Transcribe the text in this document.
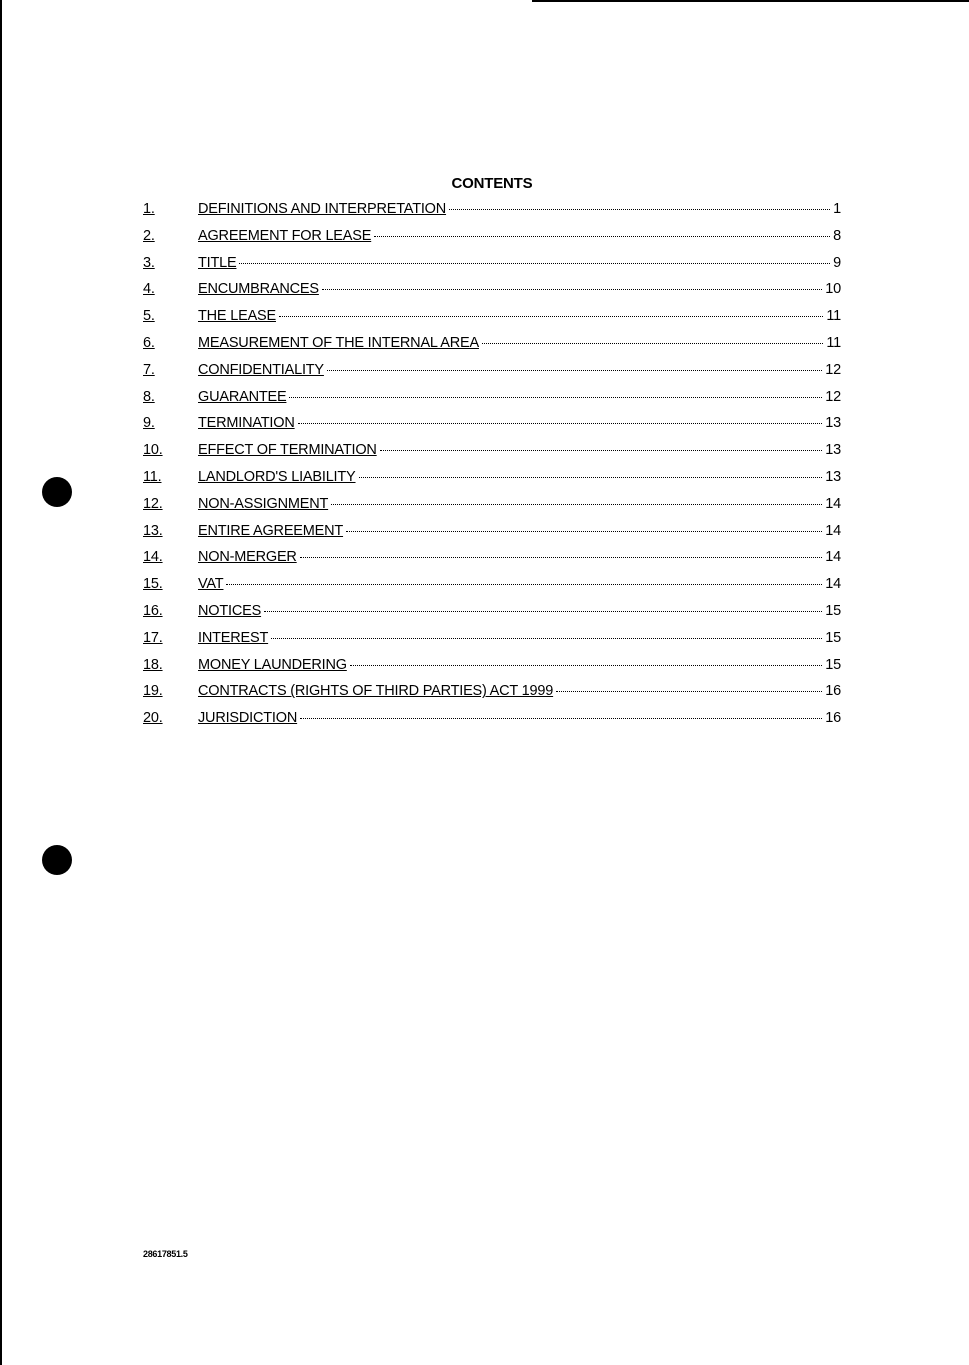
CONTENTS
1.	DEFINITIONS AND INTERPRETATION	1
2.	AGREEMENT FOR LEASE	8
3.	TITLE	9
4.	ENCUMBRANCES	10
5.	THE LEASE	11
6.	MEASUREMENT OF THE INTERNAL AREA	11
7.	CONFIDENTIALITY	12
8.	GUARANTEE	12
9.	TERMINATION	13
10.	EFFECT OF TERMINATION	13
11.	LANDLORD'S LIABILITY	13
12.	NON-ASSIGNMENT	14
13.	ENTIRE AGREEMENT	14
14.	NON-MERGER	14
15.	VAT	14
16.	NOTICES	15
17.	INTEREST	15
18.	MONEY LAUNDERING	15
19.	CONTRACTS (RIGHTS OF THIRD PARTIES) ACT 1999	16
20.	JURISDICTION	16
28617851.5
